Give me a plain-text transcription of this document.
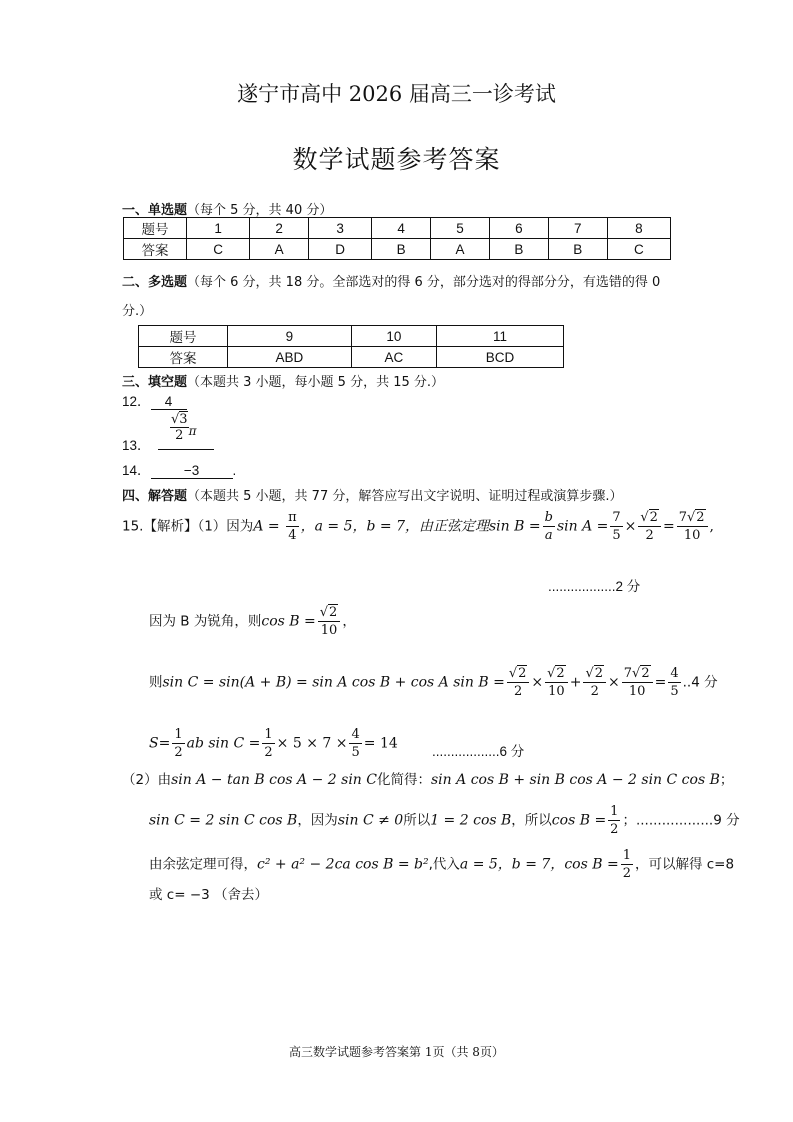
遂宁市高中 2026 届高三一诊考试
数学试题参考答案
一、单选题（每个 5 分，共 40 分）
题号	1	2	3	4	5	6	7	8
答案	C	A	D	B	A	B	B	C
二、多选题（每个 6 分，共 18 分。全部选对的得 6 分，部分选对的得部分分，有选错的得 0
分.）
题号	9	10	11
答案	ABD	AC	BCD
三、填空题（本题共 3 小题，每小题 5 分，共 15 分.）
12． 4
13．
$\frac{√3}{2}$ π
14． −3 .
四、解答题（本题共 5 小题，共 77 分，解答应写出文字说明、证明过程或演算步骤.）
15.【解析】（1）因为$A = \frac{\pi}{4}$ ，a = 5，b = 7，由正弦定理$\sin B = \frac{b}{a}$ $\sin A = \frac{7}{5} \times \frac{√2}{2} = \frac{7√2}{10}$ ,
..................2 分
因为 B 为锐角，则$\cos B = \frac{√2}{10}$ ，
则sin C = sin(A + B) = sin A cos B + cos A $\sin B = \frac{√2}{2} \times \frac{√2}{10} + \frac{√2}{2} \times \frac{7√2}{10} = \frac{4}{5} ..4$ 分
$S= \frac{1}{2}$ ab $\sin C = \frac{1}{2} \times 5 \times 7 \times \frac{4}{5} = 14$	..................6 分
（2）由sin A − tan B cos A − 2 sin C化简得：sin A cos B + sin B cos A − 2 sin C cos B；
sin C = 2 sin C cos B，因为sin C ≠ 0所以1 = 2 cos B，所以$\cos B = \frac{1}{2}$ ；..................9 分
由余弦定理可得，c² + a² − 2ca cos B = b²,代入a = 5，b = 7，$\cos B = \frac{1}{2}$ ，可以解得 c=8
或 c= −3 （舍去）
高三数学试题参考答案第 1页（共 8页）
